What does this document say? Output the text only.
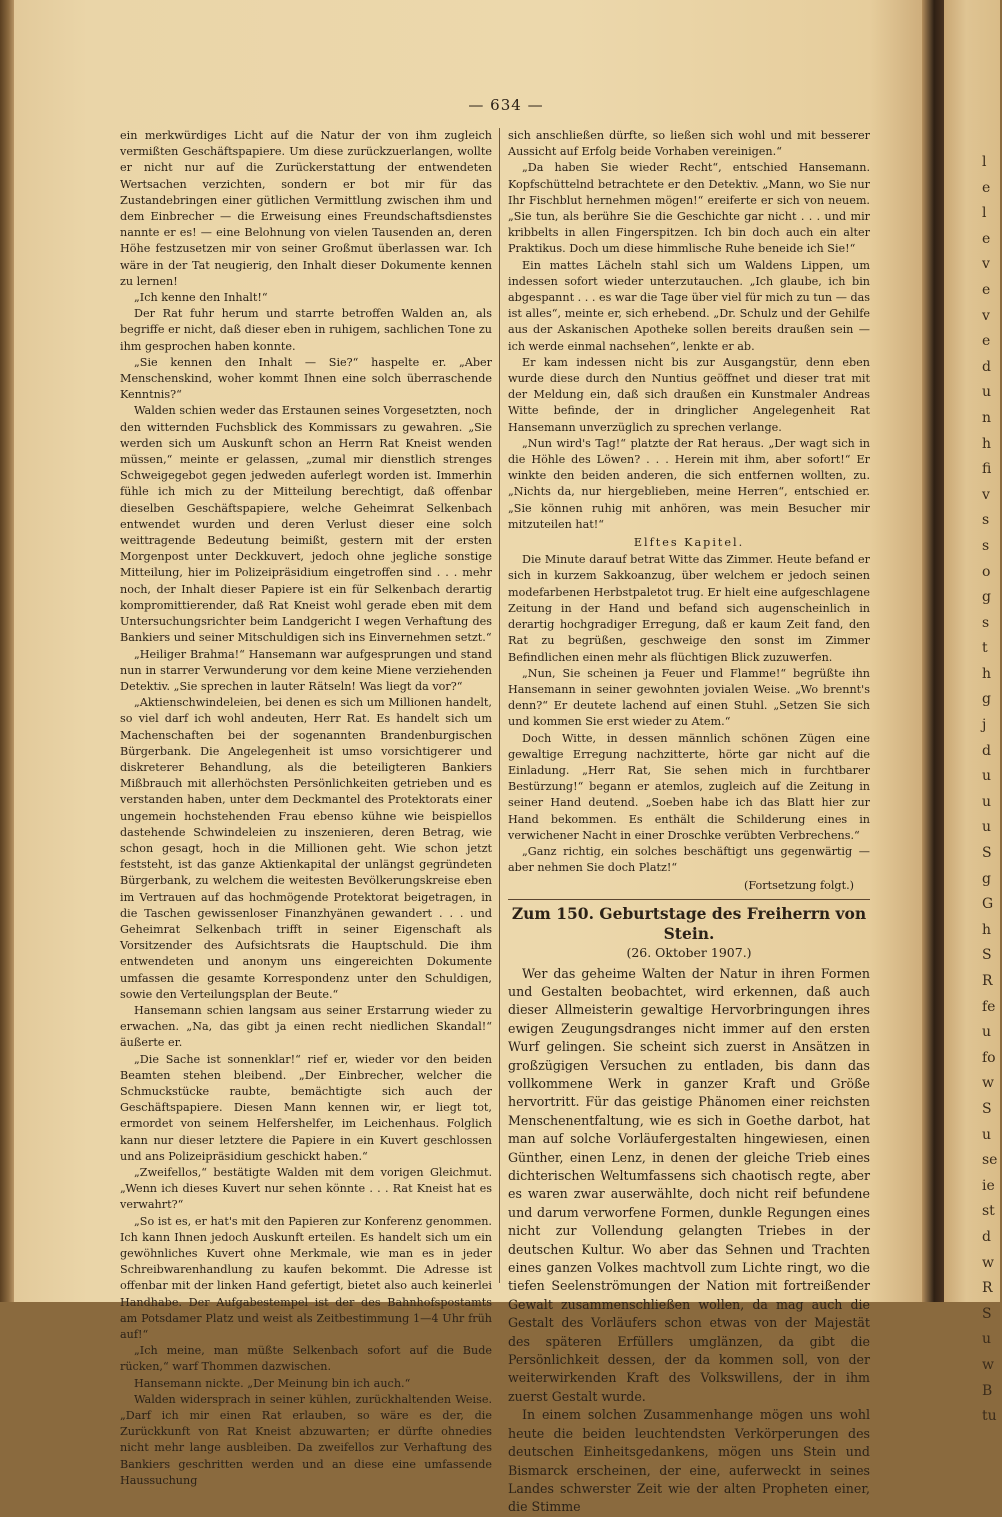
— 634 —

ein merkwürdiges Licht auf die Natur der von ihm zugleich vermißten Geschäftspapiere. Um diese zurückzuerlangen, wollte er nicht nur auf die Zurückerstattung der entwendeten Wertsachen verzichten, sondern er bot mir für das Zustandebringen einer gütlichen Vermittlung zwischen ihm und dem Einbrecher — die Erweisung eines Freundschaftsdienstes nannte er es! — eine Belohnung von vielen Tausenden an, deren Höhe festzusetzen mir von seiner Großmut überlassen war. Ich wäre in der Tat neugierig, den Inhalt dieser Dokumente kennen zu lernen!

„Ich kenne den Inhalt!“

Der Rat fuhr herum und starrte betroffen Walden an, als begriffe er nicht, daß dieser eben in ruhigem, sachlichen Tone zu ihm gesprochen haben konnte.

„Sie kennen den Inhalt — Sie?“ haspelte er. „Aber Menschenskind, woher kommt Ihnen eine solch überraschende Kenntnis?“

Walden schien weder das Erstaunen seines Vorgesetzten, noch den witternden Fuchsblick des Kommissars zu gewahren. „Sie werden sich um Auskunft schon an Herrn Rat Kneist wenden müssen,“ meinte er gelassen, „zumal mir dienstlich strenges Schweigegebot gegen jedweden auferlegt worden ist. Immerhin fühle ich mich zu der Mitteilung berechtigt, daß offenbar dieselben Geschäftspapiere, welche Geheimrat Selkenbach entwendet wurden und deren Verlust dieser eine solch weittragende Bedeutung beimißt, gestern mit der ersten Morgenpost unter Deckkuvert, jedoch ohne jegliche sonstige Mitteilung, hier im Polizeipräsidium eingetroffen sind . . . mehr noch, der Inhalt dieser Papiere ist ein für Selkenbach derartig kompromittierender, daß Rat Kneist wohl gerade eben mit dem Untersuchungsrichter beim Landgericht I wegen Verhaftung des Bankiers und seiner Mitschuldigen sich ins Einvernehmen setzt.“

„Heiliger Brahma!“ Hansemann war aufgesprungen und stand nun in starrer Verwunderung vor dem keine Miene verziehenden Detektiv. „Sie sprechen in lauter Rätseln! Was liegt da vor?“

„Aktienschwindeleien, bei denen es sich um Millionen handelt, so viel darf ich wohl andeuten, Herr Rat. Es handelt sich um Machenschaften bei der sogenannten Brandenburgischen Bürgerbank. Die Angelegenheit ist umso vorsichtigerer und diskreterer Behandlung, als die beteiligteren Bankiers Mißbrauch mit allerhöchsten Persönlichkeiten getrieben und es verstanden haben, unter dem Deckmantel des Protektorats einer ungemein hochstehenden Frau ebenso kühne wie beispiellos dastehende Schwindeleien zu inszenieren, deren Betrag, wie schon gesagt, hoch in die Millionen geht. Wie schon jetzt feststeht, ist das ganze Aktienkapital der unlängst gegründeten Bürgerbank, zu welchem die weitesten Bevölkerungskreise eben im Vertrauen auf das hochmögende Protektorat beigetragen, in die Taschen gewissenloser Finanzhyänen gewandert . . . und Geheimrat Selkenbach trifft in seiner Eigenschaft als Vorsitzender des Aufsichtsrats die Hauptschuld. Die ihm entwendeten und anonym uns eingereichten Dokumente umfassen die gesamte Korrespondenz unter den Schuldigen, sowie den Verteilungsplan der Beute.“

Hansemann schien langsam aus seiner Erstarrung wieder zu erwachen. „Na, das gibt ja einen recht niedlichen Skandal!“ äußerte er.

„Die Sache ist sonnenklar!“ rief er, wieder vor den beiden Beamten stehen bleibend. „Der Einbrecher, welcher die Schmuckstücke raubte, bemächtigte sich auch der Geschäftspapiere. Diesen Mann kennen wir, er liegt tot, ermordet von seinem Helfershelfer, im Leichenhaus. Folglich kann nur dieser letztere die Papiere in ein Kuvert geschlossen und ans Polizeipräsidium geschickt haben.“

„Zweifellos,“ bestätigte Walden mit dem vorigen Gleichmut. „Wenn ich dieses Kuvert nur sehen könnte . . . Rat Kneist hat es verwahrt?“

„So ist es, er hat's mit den Papieren zur Konferenz genommen. Ich kann Ihnen jedoch Auskunft erteilen. Es handelt sich um ein gewöhnliches Kuvert ohne Merkmale, wie man es in jeder Schreibwarenhandlung zu kaufen bekommt. Die Adresse ist offenbar mit der linken Hand gefertigt, bietet also auch keinerlei Handhabe. Der Aufgabestempel ist der des Bahnhofspostamts am Potsdamer Platz und weist als Zeitbestimmung 1—4 Uhr früh auf!“

„Ich meine, man müßte Selkenbach sofort auf die Bude rücken,“ warf Thommen dazwischen.

Hansemann nickte. „Der Meinung bin ich auch.“

Walden widersprach in seiner kühlen, zurückhaltenden Weise. „Darf ich mir einen Rat erlauben, so wäre es der, die Zurückkunft von Rat Kneist abzuwarten; er dürfte ohnedies nicht mehr lange ausbleiben. Da zweifellos zur Verhaftung des Bankiers geschritten werden und an diese eine umfassende Haussuchung

sich anschließen dürfte, so ließen sich wohl und mit besserer Aussicht auf Erfolg beide Vorhaben vereinigen.“

„Da haben Sie wieder Recht“, entschied Hansemann. Kopfschüttelnd betrachtete er den Detektiv. „Mann, wo Sie nur Ihr Fischblut hernehmen mögen!“ ereiferte er sich von neuem. „Sie tun, als berühre Sie die Geschichte gar nicht . . . und mir kribbelts in allen Fingerspitzen. Ich bin doch auch ein alter Praktikus. Doch um diese himmlische Ruhe beneide ich Sie!“

Ein mattes Lächeln stahl sich um Waldens Lippen, um indessen sofort wieder unterzutauchen. „Ich glaube, ich bin abgespannt . . . es war die Tage über viel für mich zu tun — das ist alles“, meinte er, sich erhebend. „Dr. Schulz und der Gehilfe aus der Askanischen Apotheke sollen bereits draußen sein — ich werde einmal nachsehen“, lenkte er ab.

Er kam indessen nicht bis zur Ausgangstür, denn eben wurde diese durch den Nuntius geöffnet und dieser trat mit der Meldung ein, daß sich draußen ein Kunstmaler Andreas Witte befinde, der in dringlicher Angelegenheit Rat Hansemann unverzüglich zu sprechen verlange.

„Nun wird's Tag!“ platzte der Rat heraus. „Der wagt sich in die Höhle des Löwen? . . . Herein mit ihm, aber sofort!“ Er winkte den beiden anderen, die sich entfernen wollten, zu. „Nichts da, nur hiergeblieben, meine Herren“, entschied er. „Sie können ruhig mit anhören, was mein Besucher mir mitzuteilen hat!“

Elftes Kapitel.

Die Minute darauf betrat Witte das Zimmer. Heute befand er sich in kurzem Sakkoanzug, über welchem er jedoch seinen modefarbenen Herbstpaletot trug. Er hielt eine aufgeschlagene Zeitung in der Hand und befand sich augenscheinlich in derartig hochgradiger Erregung, daß er kaum Zeit fand, den Rat zu begrüßen, geschweige den sonst im Zimmer Befindlichen einen mehr als flüchtigen Blick zuzuwerfen.

„Nun, Sie scheinen ja Feuer und Flamme!“ begrüßte ihn Hansemann in seiner gewohnten jovialen Weise. „Wo brennt's denn?“ Er deutete lachend auf einen Stuhl. „Setzen Sie sich und kommen Sie erst wieder zu Atem.“

Doch Witte, in dessen männlich schönen Zügen eine gewaltige Erregung nachzitterte, hörte gar nicht auf die Einladung. „Herr Rat, Sie sehen mich in furchtbarer Bestürzung!“ begann er atemlos, zugleich auf die Zeitung in seiner Hand deutend. „Soeben habe ich das Blatt hier zur Hand bekommen. Es enthält die Schilderung eines in verwichener Nacht in einer Droschke verübten Verbrechens.“

„Ganz richtig, ein solches beschäftigt uns gegenwärtig — aber nehmen Sie doch Platz!“

(Fortsetzung folgt.)
Zum 150. Geburtstage des Freiherrn von Stein.
(26. Oktober 1907.)

Wer das geheime Walten der Natur in ihren Formen und Gestalten beobachtet, wird erkennen, daß auch dieser Allmeisterin gewaltige Hervorbringungen ihres ewigen Zeugungsdranges nicht immer auf den ersten Wurf gelingen. Sie scheint sich zuerst in Ansätzen in großzügigen Versuchen zu entladen, bis dann das vollkommene Werk in ganzer Kraft und Größe hervortritt. Für das geistige Phänomen einer reichsten Menschenentfaltung, wie es sich in Goethe darbot, hat man auf solche Vorläufergestalten hingewiesen, einen Günther, einen Lenz, in denen der gleiche Trieb eines dichterischen Weltumfassens sich chaotisch regte, aber es waren zwar auserwählte, doch nicht reif befundene und darum verworfene Formen, dunkle Regungen eines nicht zur Vollendung gelangten Triebes in der deutschen Kultur. Wo aber das Sehnen und Trachten eines ganzen Volkes machtvoll zum Lichte ringt, wo die tiefen Seelenströmungen der Nation mit fortreißender Gewalt zusammenschließen wollen, da mag auch die Gestalt des Vorläufers schon etwas von der Majestät des späteren Erfüllers umglänzen, da gibt die Persönlichkeit dessen, der da kommen soll, von der weiterwirkenden Kraft des Volkswillens, der in ihm zuerst Gestalt wurde.

In einem solchen Zusammenhange mögen uns wohl heute die beiden leuchtendsten Verkörperungen des deutschen Einheitsgedankens, mögen uns Stein und Bismarck erscheinen, der eine, auferweckt in seines Landes schwerster Zeit wie der alten Propheten einer, die Stimme

l
e
l
e
v
e
v
e
d
u
n
h
fi
v
s
s
o
g
s
t
h
g
j
d
u
u
u
S
g
G
h
S
R
fe
u
fo
w
S
u
se
ie
st
d
w
R
S
u
w
B
tu
